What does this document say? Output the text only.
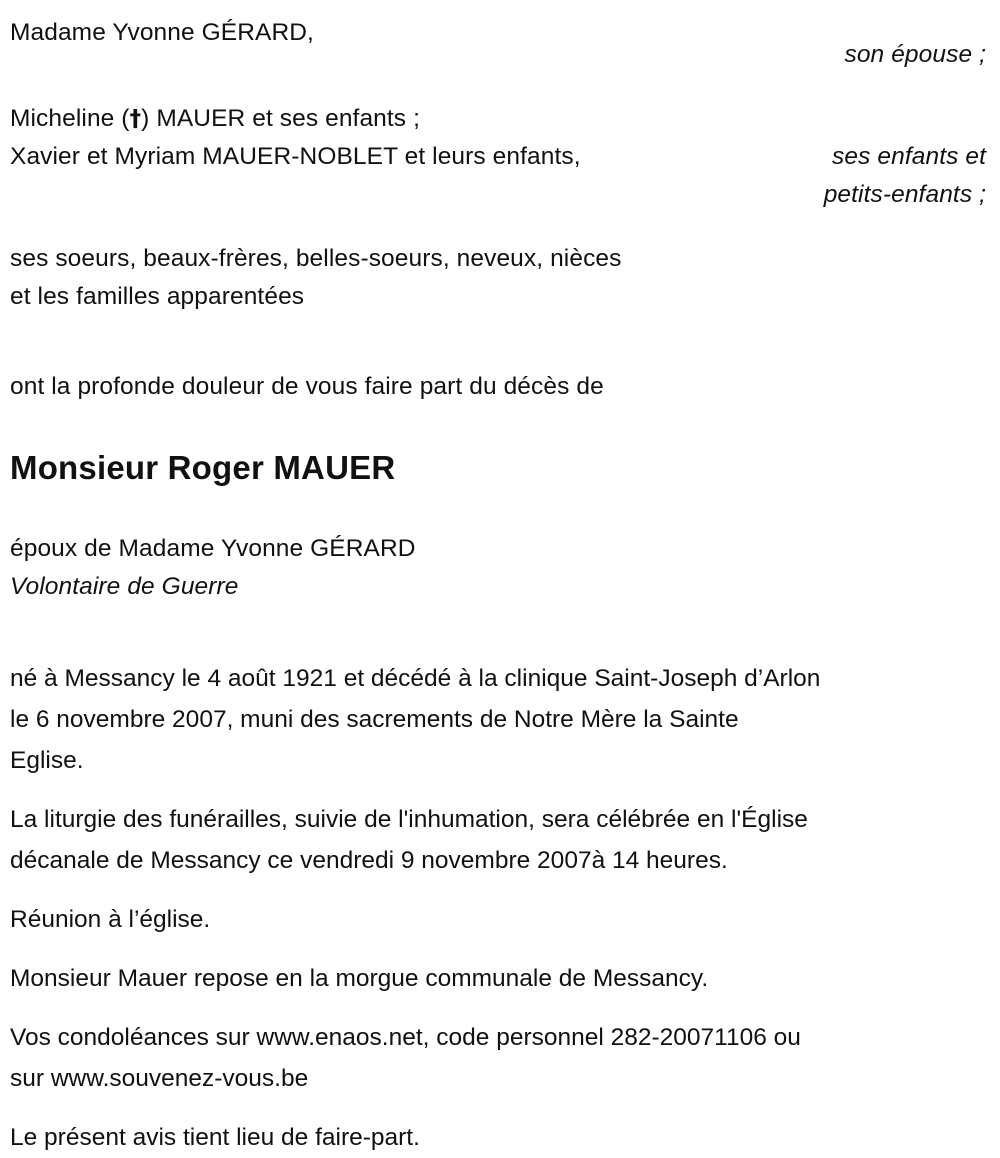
Madame Yvonne GÉRARD,
son épouse ;
Micheline (†) MAUER et ses enfants ;
Xavier et Myriam MAUER-NOBLET et leurs enfants,	ses enfants et
petits-enfants ;
ses soeurs, beaux-frères, belles-soeurs, neveux, nièces
et les familles apparentées
ont la profonde douleur de vous faire part du décès de
Monsieur Roger MAUER
époux de Madame Yvonne GÉRARD
Volontaire de Guerre
né à Messancy le 4 août 1921 et décédé à la clinique Saint-Joseph d’Arlon
le 6 novembre 2007, muni des sacrements de Notre Mère la Sainte
Eglise.
La liturgie des funérailles, suivie de l'inhumation, sera célébrée en l'Église
décanale de Messancy ce vendredi 9 novembre 2007à 14 heures.
Réunion à l’église.
Monsieur Mauer repose en la morgue communale de Messancy.
Vos condoléances sur www.enaos.net, code personnel 282-20071106 ou
sur www.souvenez-vous.be
Le présent avis tient lieu de faire-part.
